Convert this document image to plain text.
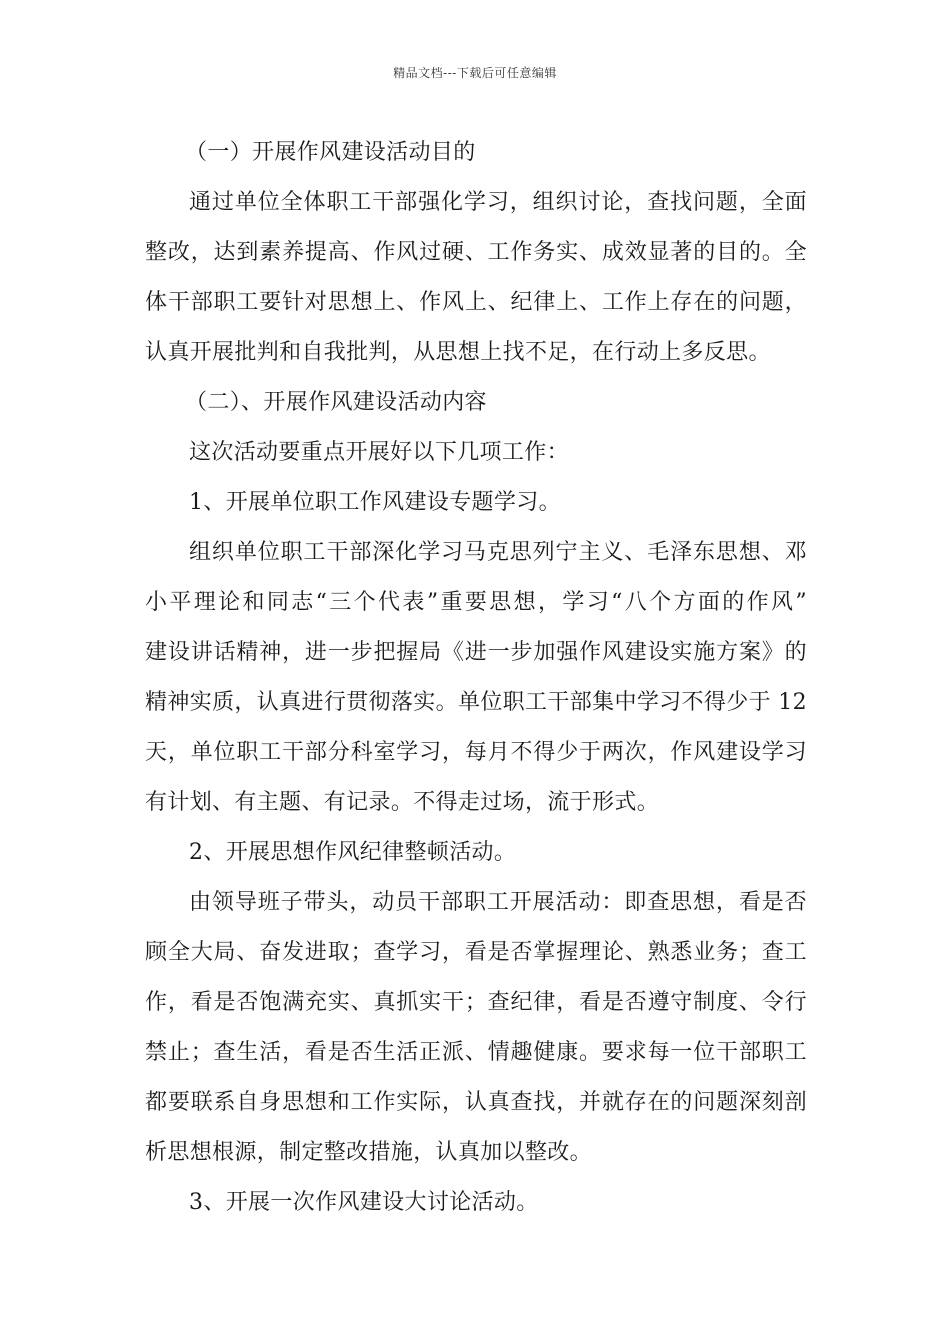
精品文档---下载后可任意编辑
（一）开展作风建设活动目的
通过单位全体职工干部强化学习，组织讨论，查找问题，全面
整改，达到素养提高、作风过硬、工作务实、成效显著的目的。全
体干部职工要针对思想上、作风上、纪律上、工作上存在的问题，
认真开展批判和自我批判，从思想上找不足，在行动上多反思。
（二）、开展作风建设活动内容
这次活动要重点开展好以下几项工作：
1、开展单位职工作风建设专题学习。
组织单位职工干部深化学习马克思列宁主义、毛泽东思想、邓
小平理论和同志“三个代表”重要思想，学习“八个方面的作风”
建设讲话精神，进一步把握局《进一步加强作风建设实施方案》的
精神实质，认真进行贯彻落实。单位职工干部集中学习不得少于 12
天，单位职工干部分科室学习，每月不得少于两次，作风建设学习
有计划、有主题、有记录。不得走过场，流于形式。
2、开展思想作风纪律整顿活动。
由领导班子带头，动员干部职工开展活动：即查思想，看是否
顾全大局、奋发进取；查学习，看是否掌握理论、熟悉业务；查工
作，看是否饱满充实、真抓实干；查纪律，看是否遵守制度、令行
禁止；查生活，看是否生活正派、情趣健康。要求每一位干部职工
都要联系自身思想和工作实际，认真查找，并就存在的问题深刻剖
析思想根源，制定整改措施，认真加以整改。
3、开展一次作风建设大讨论活动。
